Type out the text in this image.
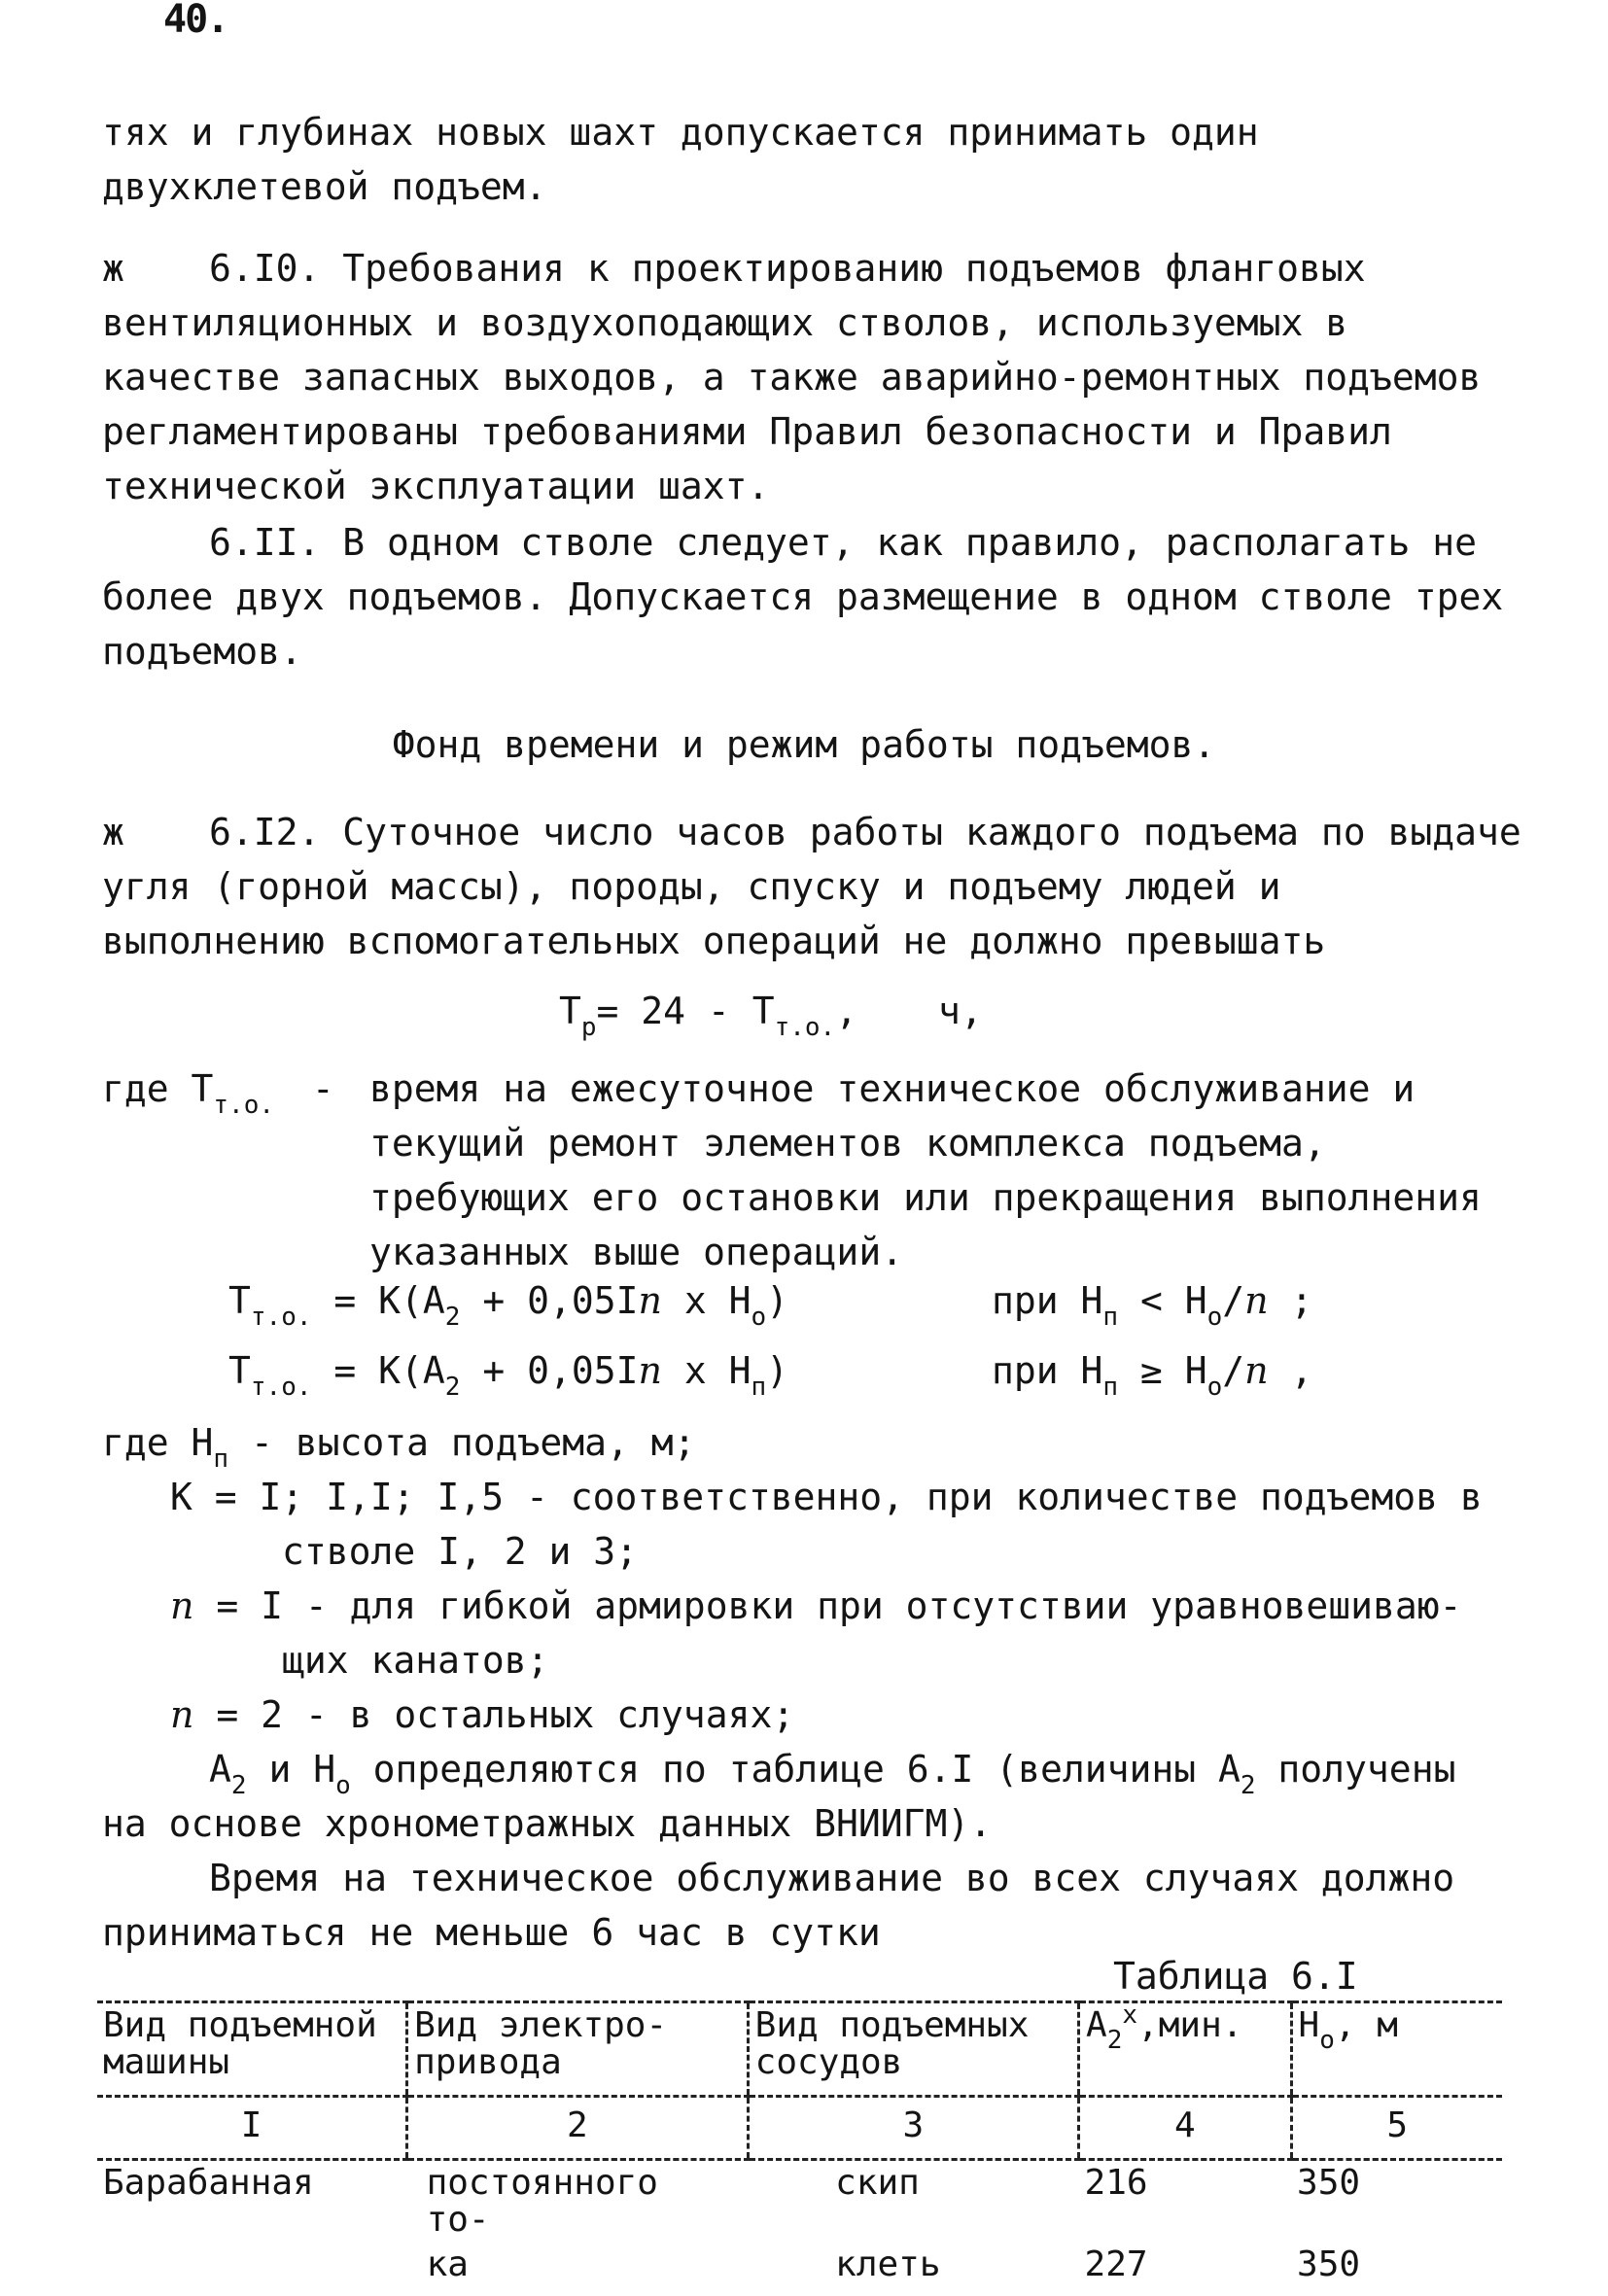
40.
тях и глубинах новых шахт допускается принимать один двухклетевой подъем.
ж	6.I0. Требования к проектированию подъемов фланговых вентиляционных и воздухоподающих стволов, используемых в качестве запасных выходов, а также аварийно-ремонтных подъемов регламентированы требованиями Правил безопасности и Правил технической эксплуатации шахт.
6.II. В одном стволе следует, как правило, располагать не более двух подъемов. Допускается размещение в одном стволе трех подъемов.
Фонд времени и режим работы подъемов.
ж	6.I2. Суточное число часов работы каждого подъема по выдаче угля (горной массы), породы, спуску и подъему людей и выполнению вспомогательных операций не должно превышать
$T_р= 24 - T_{т.о.}$, ч,
где $T_{т.о.}$ - время на ежесуточное техническое обслуживание и текущий ремонт элементов комплекса подъема, требующих его остановки или прекращения выполнения указанных выше операций.
$T_{т.о.} = К(A_2 + 0,05In$ x $Н_о$)	при $Н_п < Н_о/n$ ;
$T_{т.о.} = К(A_2 + 0,05In$ x $Н_п$)	при $Н_п \ge Н_о/n$ ,
где $Н_п$ - высота подъема, м;
К = I; I,I; I,5 - соответственно, при количестве подъемов в
стволе I, 2 и 3;
n = I - для гибкой армировки при отсутствии уравновешиваю-
щих канатов;
n = 2 - в остальных случаях;
$A_2$ и $Н_о$ определяются по таблице 6.I (величины $A_2$ получены
на основе хронометражных данных ВНИИГМ).
Время на техническое обслуживание во всех случаях должно приниматься не меньше 6 час в сутки
Таблица 6.I
Вид подъемной машины	Вид электро- привода	Вид подъемных сосудов	$A_2^х,мин$.	$Н_о$, м
I	2	3	4	5
Барабанная	постоянного то-	скип	216	350
	ка	клеть	227	350
